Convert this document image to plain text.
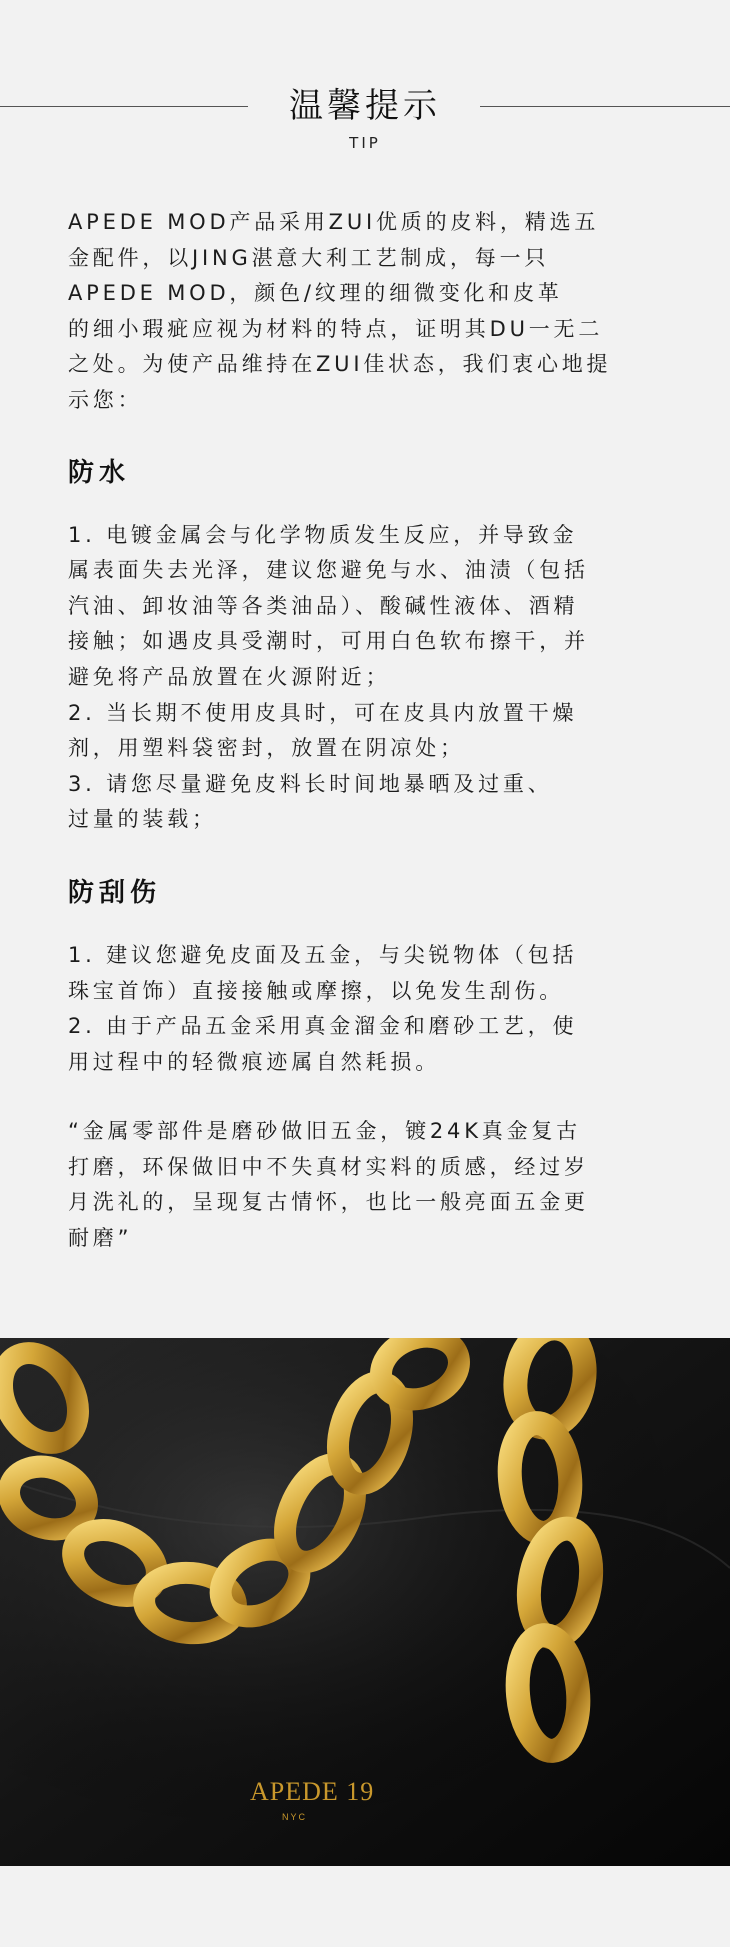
温馨提示
TIP

APEDE MOD产品采用ZUI优质的皮料，精选五
金配件，以JING湛意大利工艺制成，每一只
APEDE MOD，颜色/纹理的细微变化和皮革
的细小瑕疵应视为材料的特点，证明其DU一无二
之处。为使产品维持在ZUI佳状态，我们衷心地提
示您：

防水

1. 电镀金属会与化学物质发生反应，并导致金
属表面失去光泽，建议您避免与水、油渍（包括
汽油、卸妆油等各类油品）、酸碱性液体、酒精
接触；如遇皮具受潮时，可用白色软布擦干，并
避免将产品放置在火源附近；
2. 当长期不使用皮具时，可在皮具内放置干燥
剂，用塑料袋密封，放置在阴凉处；
3. 请您尽量避免皮料长时间地暴晒及过重、
过量的装载；

防刮伤

1. 建议您避免皮面及五金，与尖锐物体（包括
珠宝首饰）直接接触或摩擦，以免发生刮伤。
2. 由于产品五金采用真金溜金和磨砂工艺，使
用过程中的轻微痕迹属自然耗损。

“金属零部件是磨砂做旧五金，镀24K真金复古
打磨，环保做旧中不失真材实料的质感，经过岁
月洗礼的，呈现复古情怀，也比一般亮面五金更
耐磨”

APEDE 19
NYC
